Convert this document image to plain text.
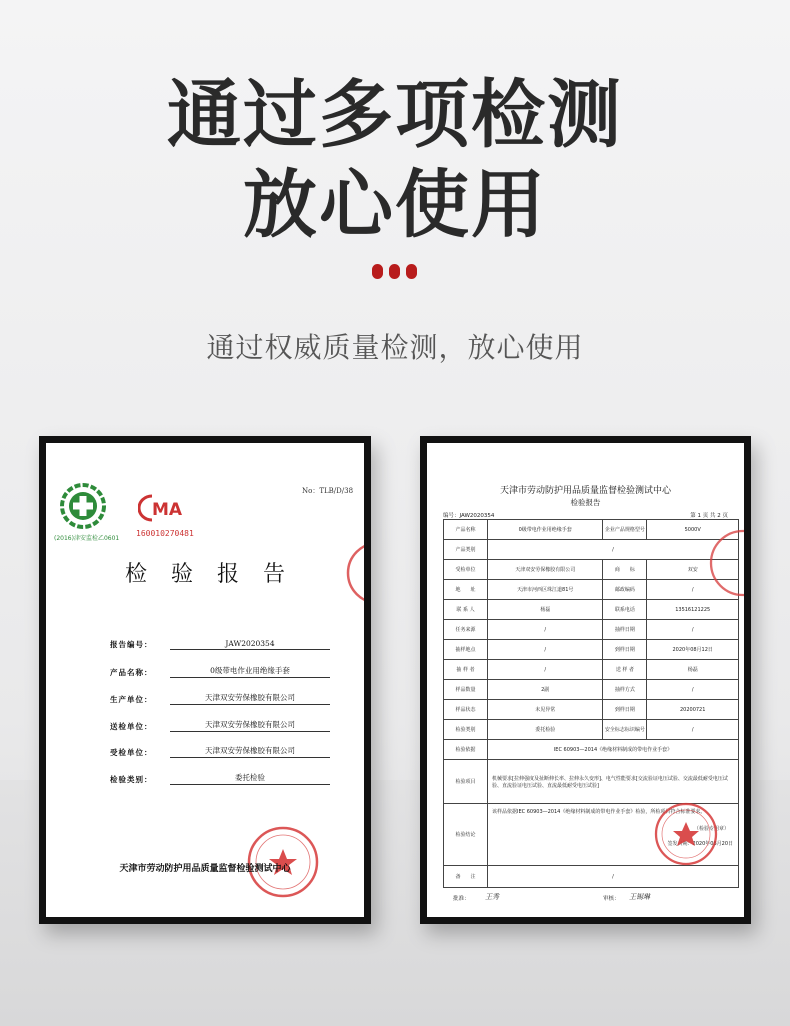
通过多项检测
放心使用
通过权威质量检测，放心使用
(2016)津安监检乙0601
MA
160010270481
No：TLB/D/38
检验报告
报告编号：	JAW2020354
产品名称：	0级带电作业用绝缘手套
生产单位：	天津双安劳保橡胶有限公司
送检单位：	天津双安劳保橡胶有限公司
受检单位：	天津双安劳保橡胶有限公司
检验类别：	委托检验
天津市劳动防护用品质量监督检验测试中心
天津市劳动防护用品质量监督检验测试中心
检验报告
编号：JAW2020354	第 1 页 共 2 页
产品名称	0级带电作业用绝缘手套	企业产品规格型号	5000V
产品类别	/		
受检单位	天津双安劳保橡胶有限公司	商　　标	双安
地　　址	天津市河西区珠江道81号	邮政编码	/
联 系 人	杨磊	联系电话	13516121225
任务来源	/	抽样日期	/
抽样地点	/	到样日期	2020年08月12日
抽 样 者	/	送 样 者	杨磊
样品数量	2副	抽样方式	/
样品状态	未见异常	到样日期	20200721
检验类别	委托检验	安全标志标识编号	/
检验依据	IEC 60903—2014《绝缘材料制成的带电作业手套》		
检验项目	机械要求[拉伸强度及扯断伸长率、拉伸永久变形]、电气性能要求[交流验证电压试验、交流最低耐受电压试验、直流验证电压试验、直流最低耐受电压试验]		
检验结论	该样品依据IEC 60903—2014《绝缘材料制成的带电作业手套》检验，所检项目符合标准要求。
（检验专用章）
签发日期：2020年08月20日		

备　　注	/		
批准： 王秀	审核： 王锡琳
